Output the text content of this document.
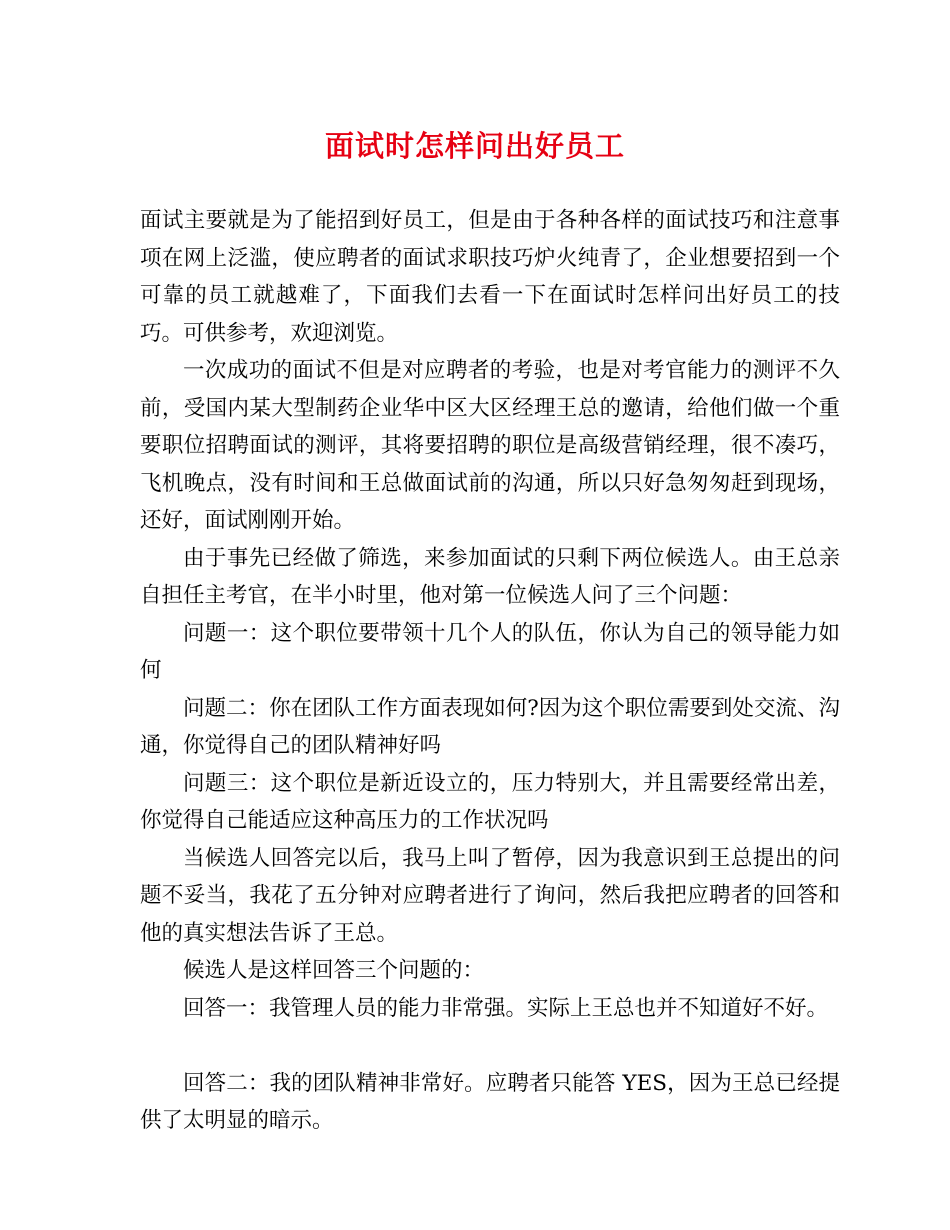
面试时怎样问出好员工

面试主要就是为了能招到好员工，但是由于各种各样的面试技巧和注意事项在网上泛滥，使应聘者的面试求职技巧炉火纯青了，企业想要招到一个可靠的员工就越难了，下面我们去看一下在面试时怎样问出好员工的技巧。可供参考，欢迎浏览。

一次成功的面试不但是对应聘者的考验，也是对考官能力的测评不久前，受国内某大型制药企业华中区大区经理王总的邀请，给他们做一个重要职位招聘面试的测评，其将要招聘的职位是高级营销经理，很不凑巧，飞机晚点，没有时间和王总做面试前的沟通，所以只好急匆匆赶到现场，还好，面试刚刚开始。

由于事先已经做了筛选，来参加面试的只剩下两位候选人。由王总亲自担任主考官，在半小时里，他对第一位候选人问了三个问题：

问题一：这个职位要带领十几个人的队伍，你认为自己的领导能力如何

问题二：你在团队工作方面表现如何?因为这个职位需要到处交流、沟通，你觉得自己的团队精神好吗

问题三：这个职位是新近设立的，压力特别大，并且需要经常出差，你觉得自己能适应这种高压力的工作状况吗

当候选人回答完以后，我马上叫了暂停，因为我意识到王总提出的问题不妥当，我花了五分钟对应聘者进行了询问，然后我把应聘者的回答和他的真实想法告诉了王总。

候选人是这样回答三个问题的：

回答一：我管理人员的能力非常强。实际上王总也并不知道好不好。

回答二：我的团队精神非常好。应聘者只能答 YES，因为王总已经提供了太明显的暗示。
